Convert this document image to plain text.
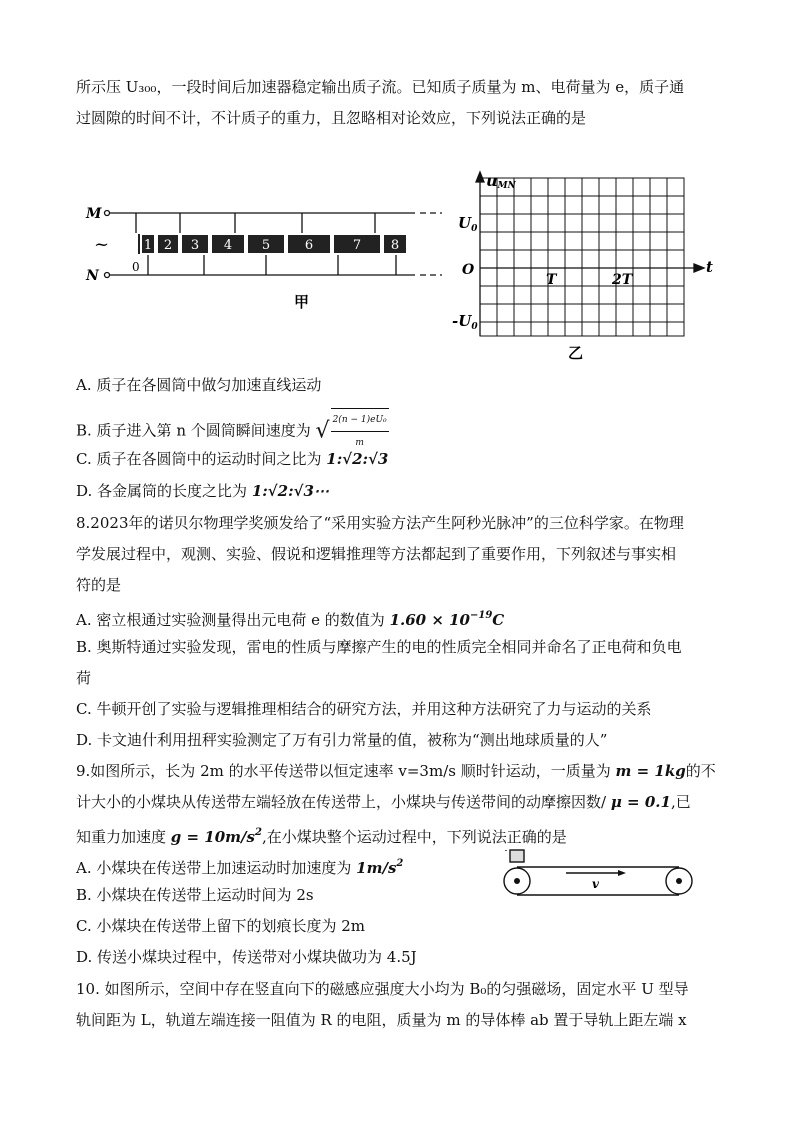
所示压 U₃₀₀，一段时间后加速器稳定输出质子流。已知质子质量为 m、电荷量为 e，质子通
过圆隙的时间不计，不计质子的重力，且忽略相对论效应，下列说法正确的是
1 2 3 4 5	6	7 8
M
N
~
0
甲
uMN
t
$U_0$
O
$-U_0$
T	2T
乙
A. 质子在各圆筒中做匀加速直线运动
B. 质子进入第 n 个圆筒瞬间速度为 √ $\frac{\text{2(n − 1)eU₀}}{m}$
C. 质子在各圆筒中的运动时间之比为 1:√2:√3
D. 各金属筒的长度之比为 1:√2:√3⋯
8.2023年的诺贝尔物理学奖颁发给了“采用实验方法产生阿秒光脉冲”的三位科学家。在物理
学发展过程中，观测、实验、假说和逻辑推理等方法都起到了重要作用，下列叙述与事实相
符的是
A. 密立根通过实验测量得出元电荷 e 的数值为 $1.60 \times 10^{-19}C$
B. 奥斯特通过实验发现，雷电的性质与摩擦产生的电的性质完全相同并命名了正电荷和负电
荷
C. 牛顿开创了实验与逻辑推理相结合的研究方法，并用这种方法研究了力与运动的关系
D. 卡文迪什利用扭秤实验测定了万有引力常量的值，被称为“测出地球质量的人”
9.如图所示，长为 2m 的水平传送带以恒定速率 v=3m/s 顺时针运动，一质量为 m = 1kg的不
计大小的小煤块从传送带左端轻放在传送带上，小煤块与传送带间的动摩擦因数/ μ = 0.1,已
知重力加速度 $g = 10m/s^2$,在小煤块整个运动过程中，下列说法正确的是
A. 小煤块在传送带上加速运动时加速度为 $1m/s^2$
B. 小煤块在传送带上运动时间为 2s
C. 小煤块在传送带上留下的划痕长度为 2m
D. 传送小煤块过程中，传送带对小煤块做功为 4.5J
v
10. 如图所示，空间中存在竖直向下的磁感应强度大小均为 B₀的匀强磁场，固定水平 U 型导
轨间距为 L，轨道左端连接一阻值为 R 的电阻，质量为 m 的导体棒 ab 置于导轨上距左端 x
